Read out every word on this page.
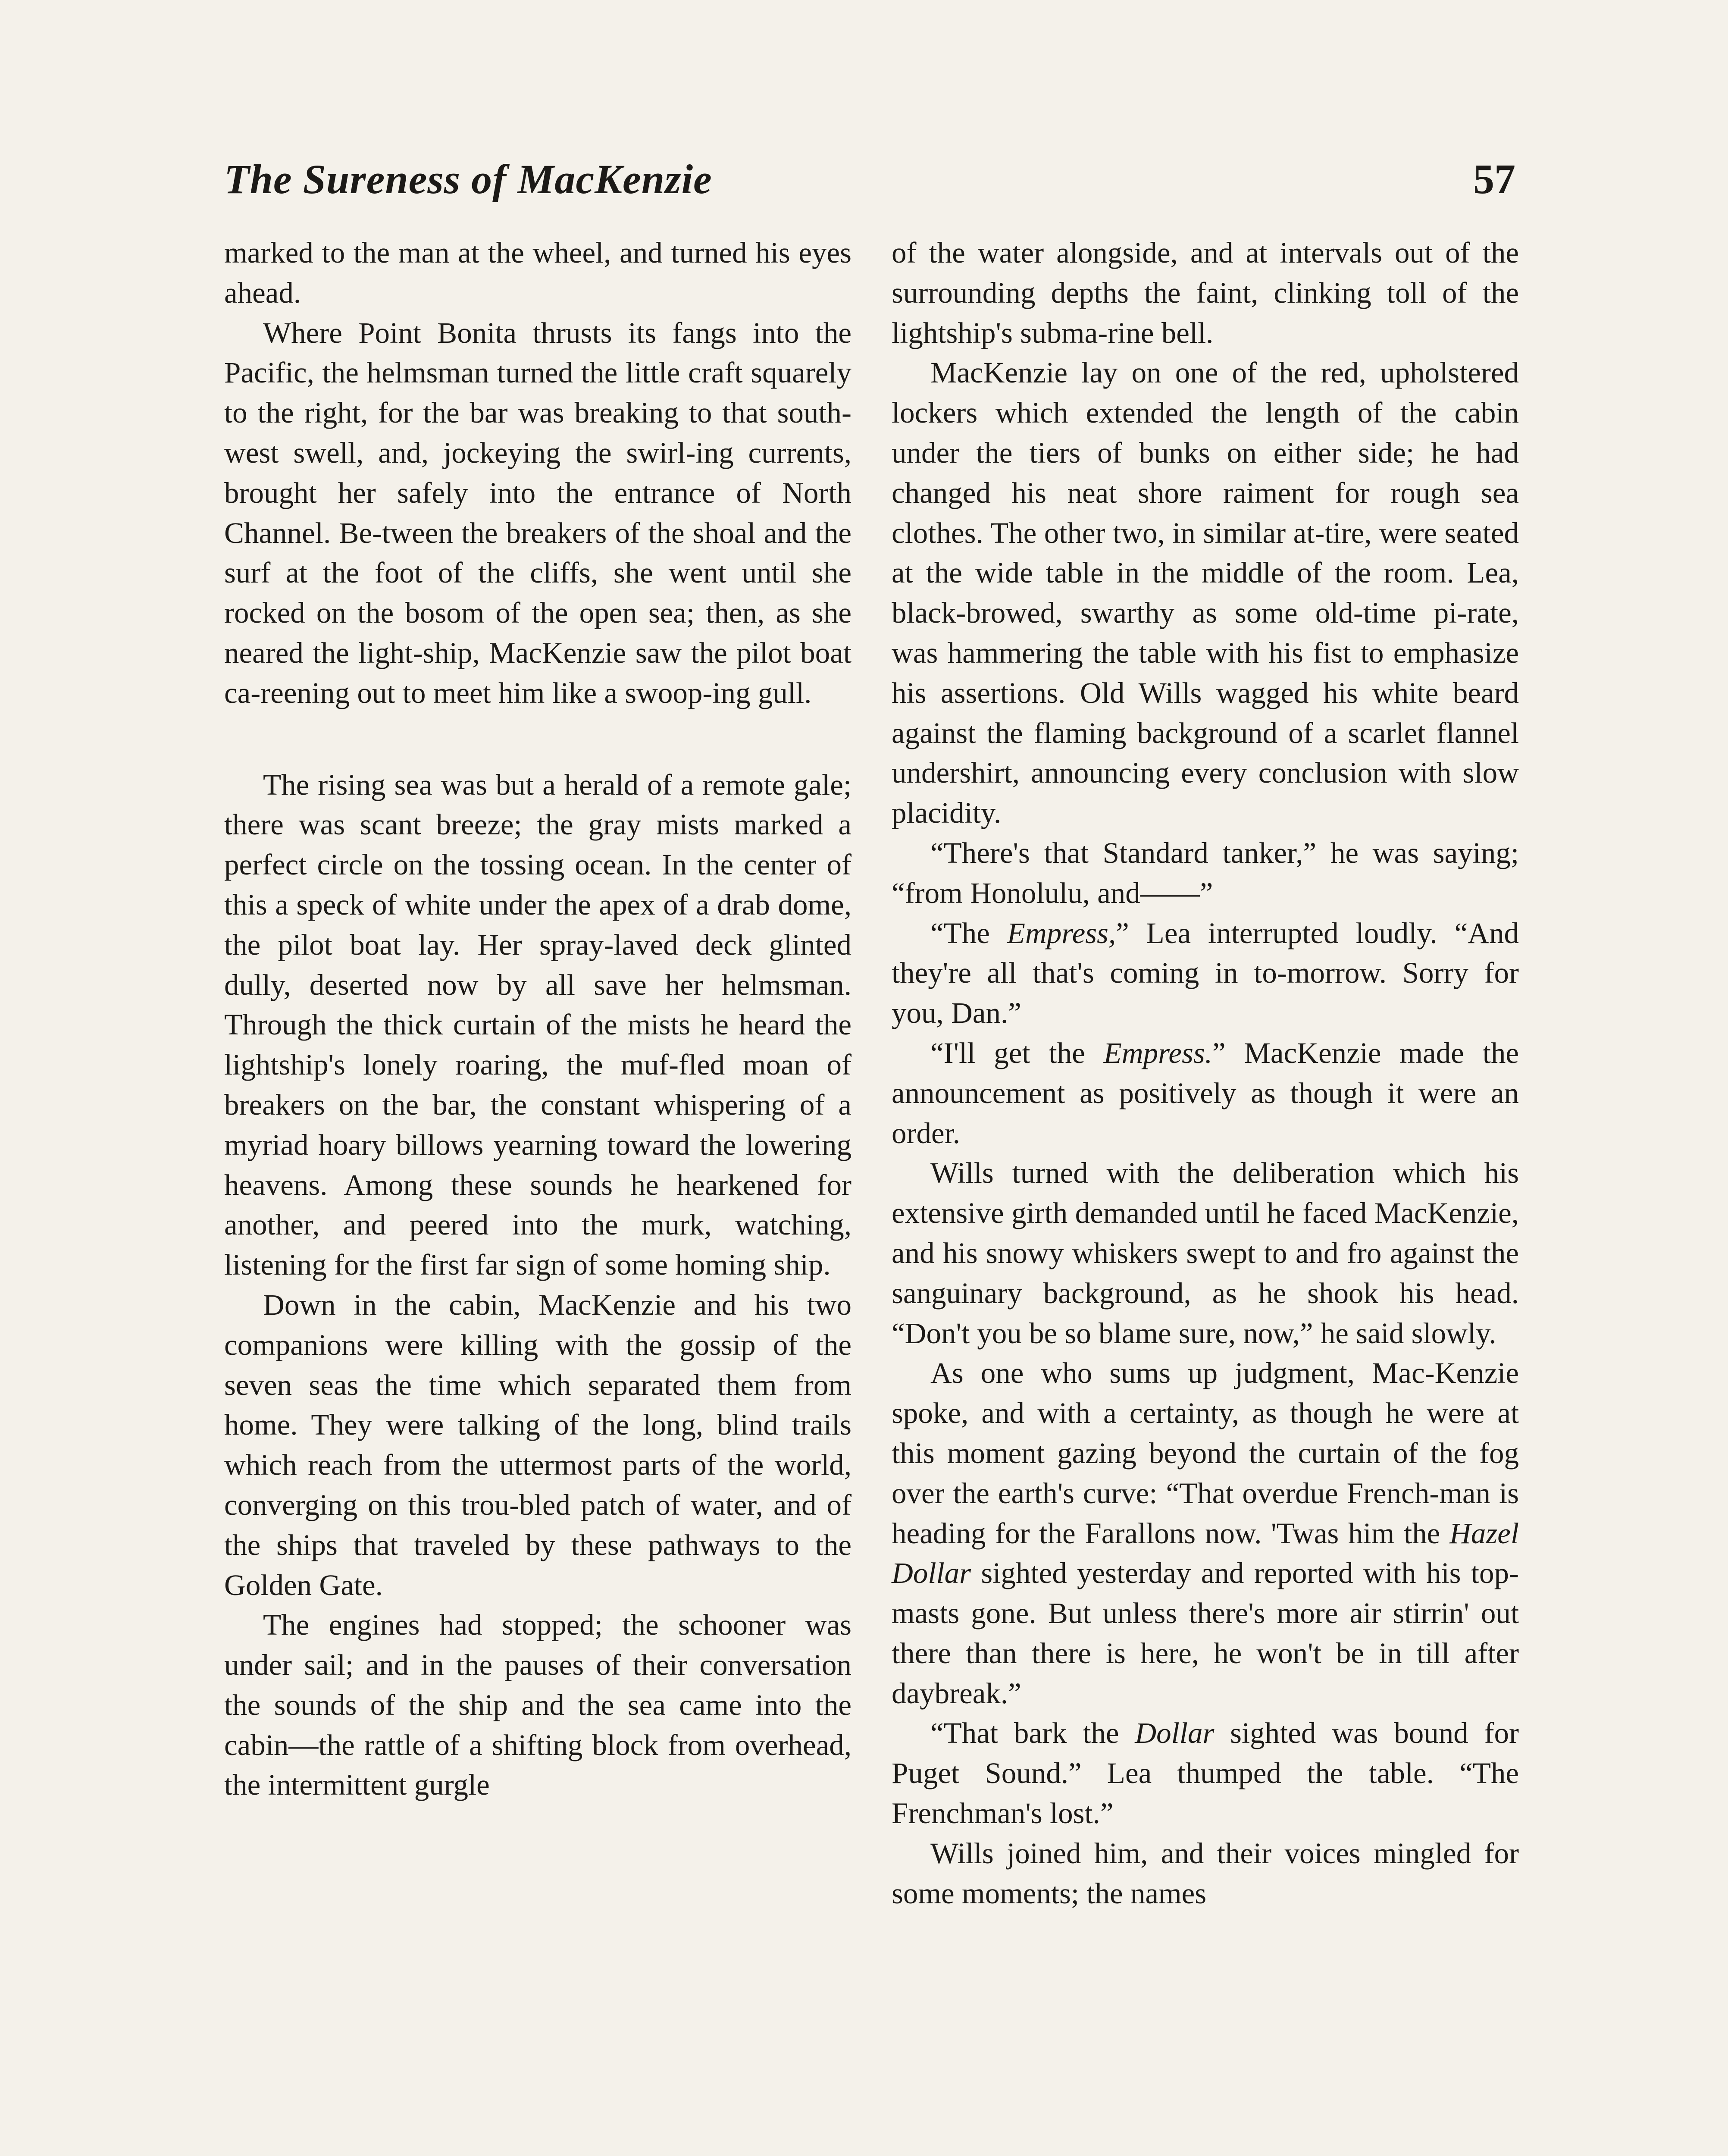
The Sureness of MacKenzie	57

marked to the man at the wheel, and turned his eyes ahead.

Where Point Bonita thrusts its fangs into the Pacific, the helmsman turned the little craft squarely to the right, for the bar was breaking to that south-west swell, and, jockeying the swirl-ing currents, brought her safely into the entrance of North Channel. Be-tween the breakers of the shoal and the surf at the foot of the cliffs, she went until she rocked on the bosom of the open sea; then, as she neared the light-ship, MacKenzie saw the pilot boat ca-reening out to meet him like a swoop-ing gull.

The rising sea was but a herald of a remote gale; there was scant breeze; the gray mists marked a perfect circle on the tossing ocean. In the center of this a speck of white under the apex of a drab dome, the pilot boat lay. Her spray-laved deck glinted dully, deserted now by all save her helmsman. Through the thick curtain of the mists he heard the lightship's lonely roaring, the muf-fled moan of breakers on the bar, the constant whispering of a myriad hoary billows yearning toward the lowering heavens. Among these sounds he hearkened for another, and peered into the murk, watching, listening for the first far sign of some homing ship.

Down in the cabin, MacKenzie and his two companions were killing with the gossip of the seven seas the time which separated them from home. They were talking of the long, blind trails which reach from the uttermost parts of the world, converging on this trou-bled patch of water, and of the ships that traveled by these pathways to the Golden Gate.

The engines had stopped; the schooner was under sail; and in the pauses of their conversation the sounds of the ship and the sea came into the cabin—the rattle of a shifting block from overhead, the intermittent gurgle

of the water alongside, and at intervals out of the surrounding depths the faint, clinking toll of the lightship's subma-rine bell.

MacKenzie lay on one of the red, upholstered lockers which extended the length of the cabin under the tiers of bunks on either side; he had changed his neat shore raiment for rough sea clothes. The other two, in similar at-tire, were seated at the wide table in the middle of the room. Lea, black-browed, swarthy as some old-time pi-rate, was hammering the table with his fist to emphasize his assertions. Old Wills wagged his white beard against the flaming background of a scarlet flannel undershirt, announcing every conclusion with slow placidity.

“There's that Standard tanker,” he was saying; “from Honolulu, and——”

“The Empress,” Lea interrupted loudly. “And they're all that's coming in to-morrow. Sorry for you, Dan.”

“I'll get the Empress.” MacKenzie made the announcement as positively as though it were an order.

Wills turned with the deliberation which his extensive girth demanded until he faced MacKenzie, and his snowy whiskers swept to and fro against the sanguinary background, as he shook his head. “Don't you be so blame sure, now,” he said slowly.

As one who sums up judgment, Mac-Kenzie spoke, and with a certainty, as though he were at this moment gazing beyond the curtain of the fog over the earth's curve: “That overdue French-man is heading for the Farallons now. 'Twas him the Hazel Dollar sighted yesterday and reported with his top-masts gone. But unless there's more air stirrin' out there than there is here, he won't be in till after daybreak.”

“That bark the Dollar sighted was bound for Puget Sound.” Lea thumped the table. “The Frenchman's lost.”

Wills joined him, and their voices mingled for some moments; the names
